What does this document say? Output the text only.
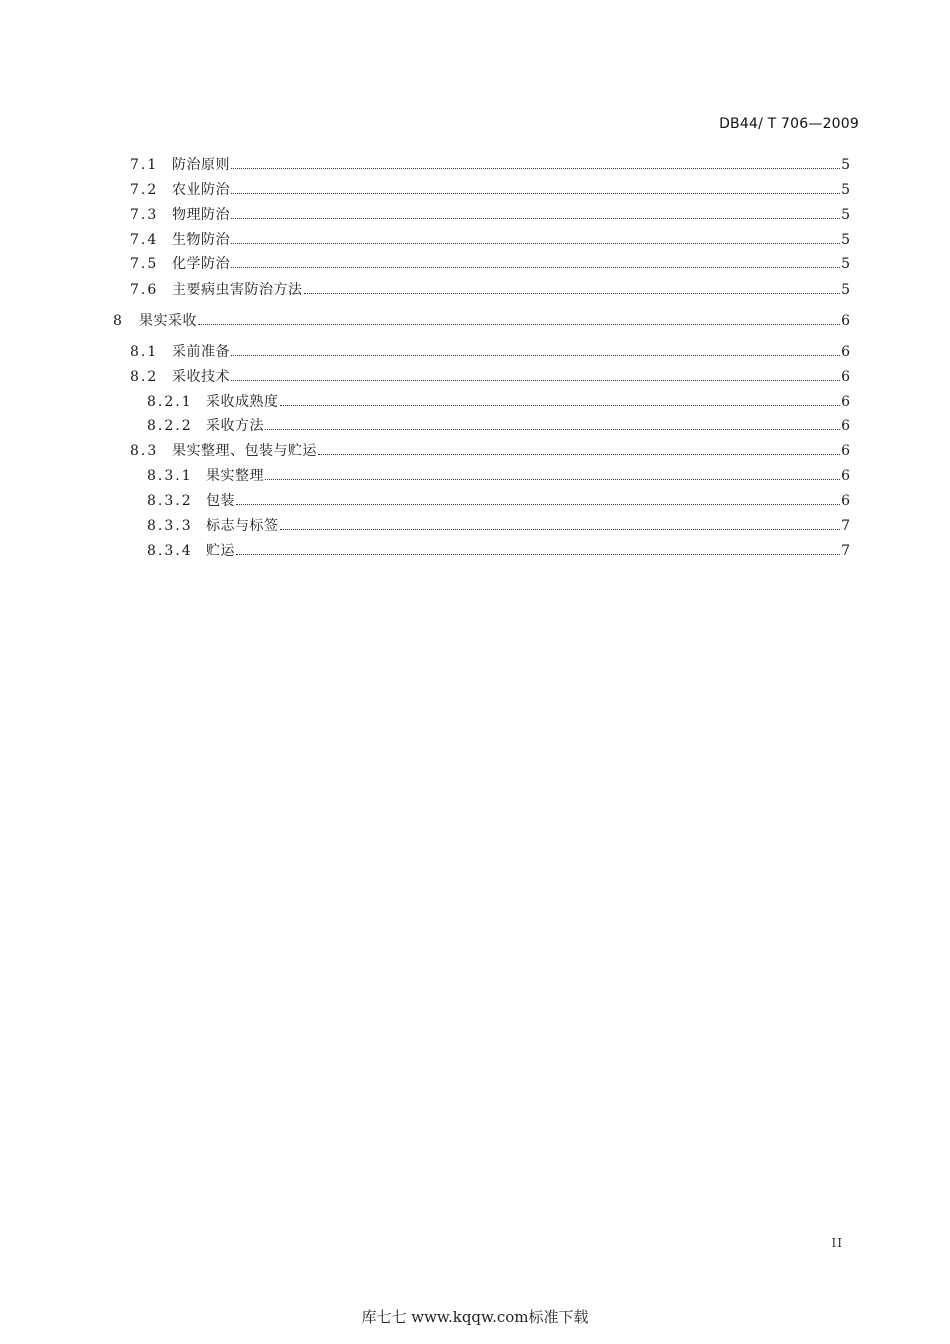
DB44/ T 706—2009
7.1 防治原则	5
7.2 农业防治	5
7.3 物理防治	5
7.4 生物防治	5
7.5 化学防治	5
7.6 主要病虫害防治方法	5
8	果实采收	6
8.1 采前准备	6
8.2 采收技术	6
8.2.1 采收成熟度	6
8.2.2 采收方法	6
8.3 果实整理、包装与贮运	6
8.3.1 果实整理	6
8.3.2 包装	6
8.3.3 标志与标签	7
8.3.4 贮运	7
II
库七七 www.kqqw.com标准下载
